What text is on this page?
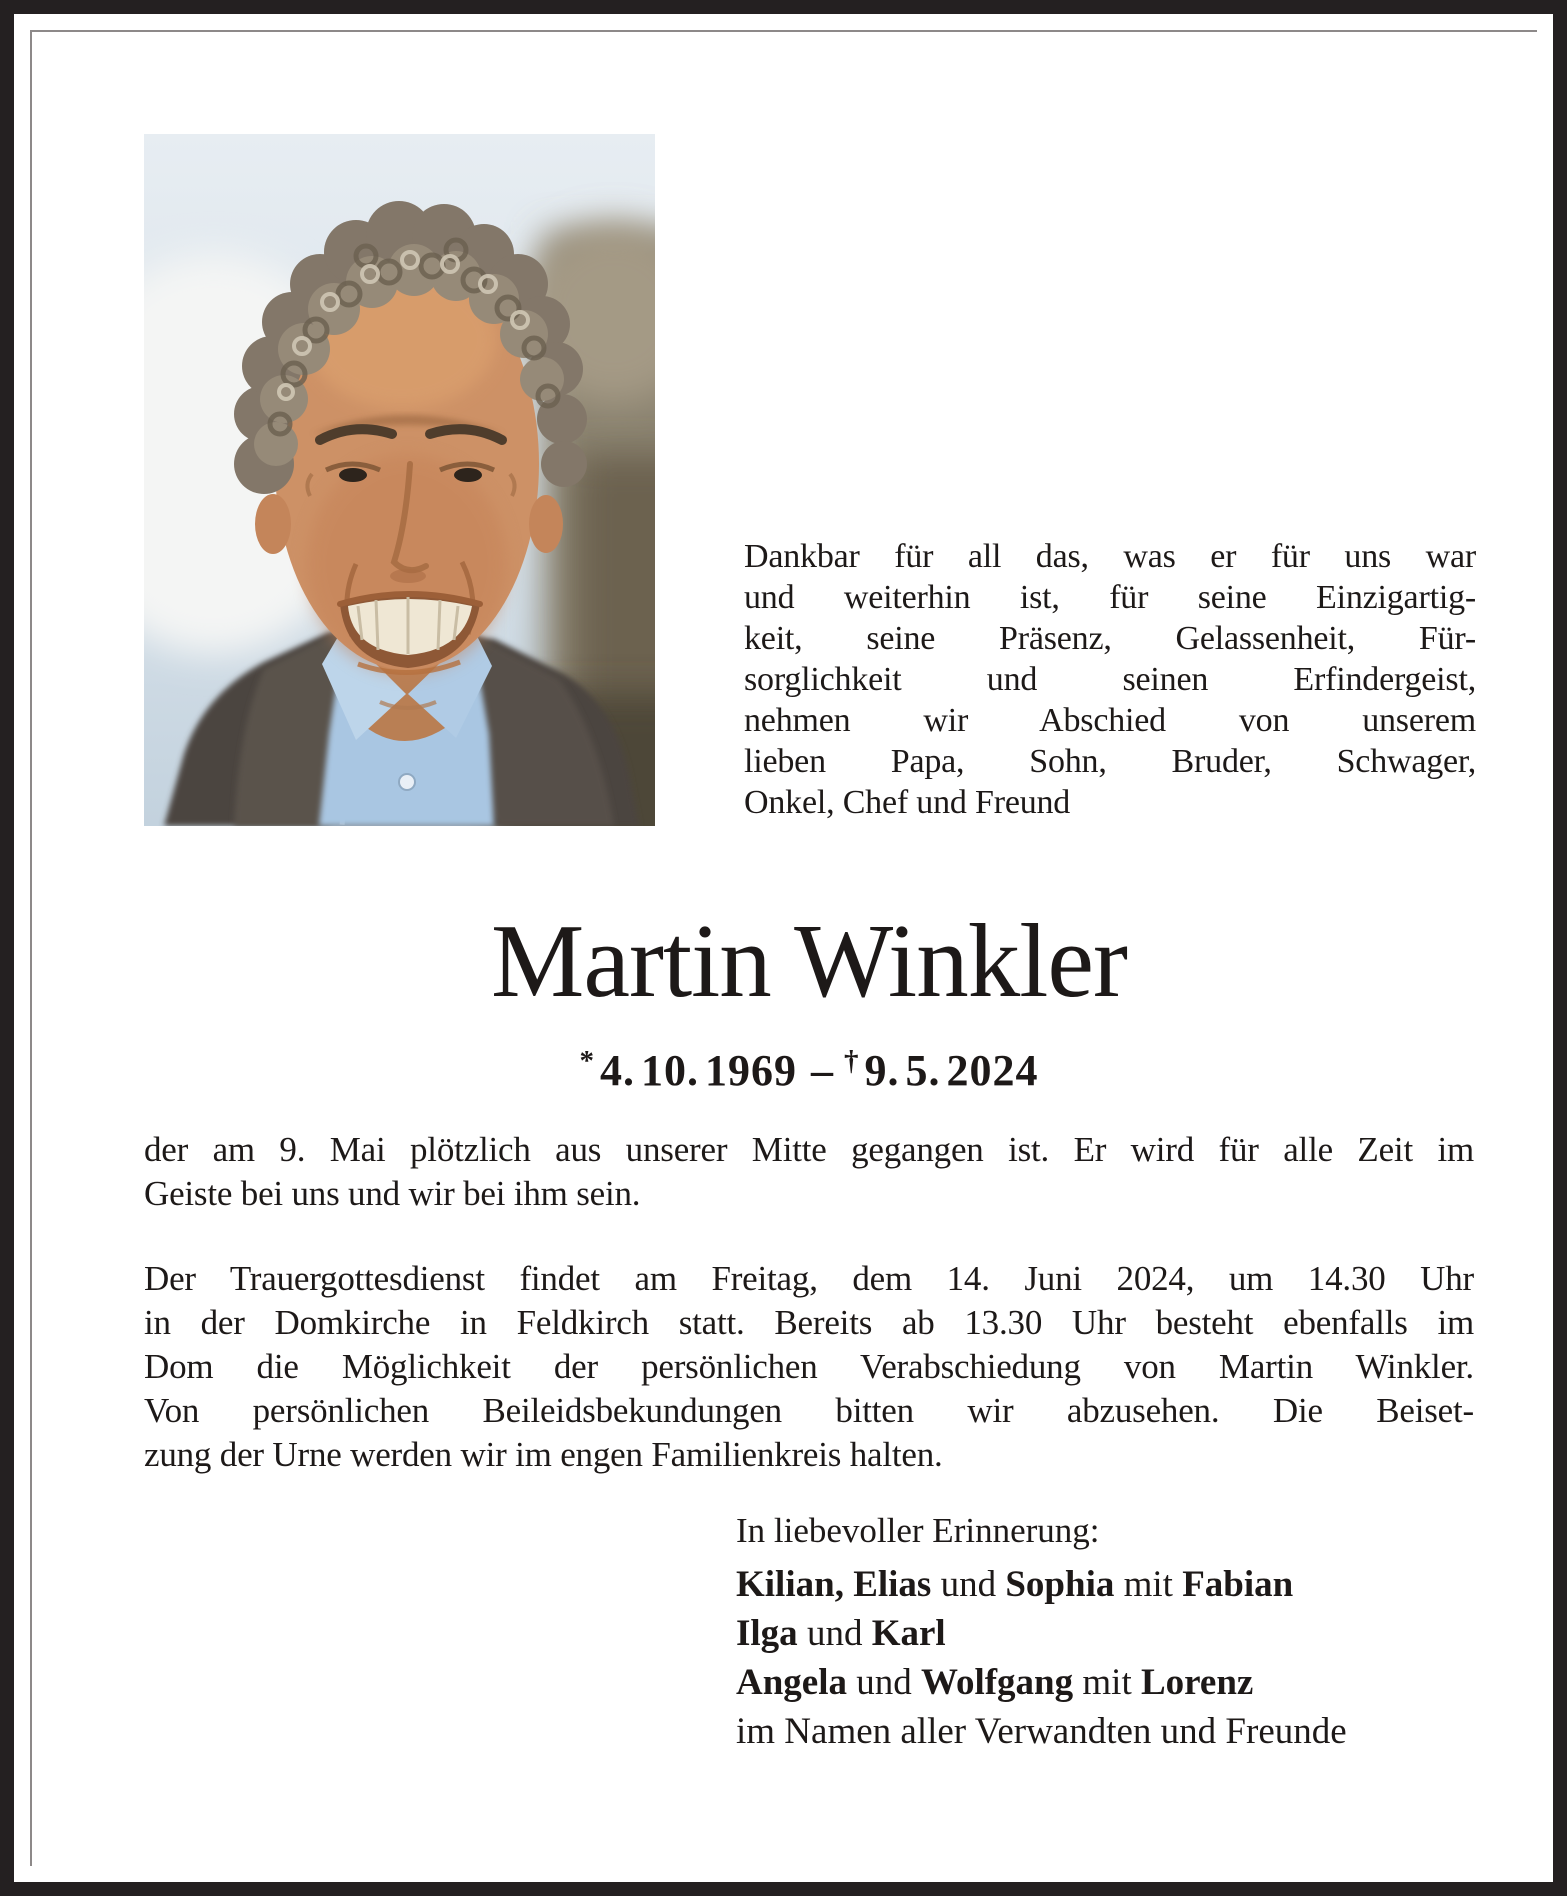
Dankbar für all das, was er für uns war
und weiterhin ist, für seine Einzigartig-
keit, seine Präsenz, Gelassenheit, Für-
sorglichkeit und seinen Erfindergeist,
nehmen wir Abschied von unserem
lieben Papa, Sohn, Bruder, Schwager,
Onkel, Chef und Freund
Martin Winkler
* 4. 10. 1969 – † 9. 5. 2024
der am 9. Mai plötzlich aus unserer Mitte gegangen ist. Er wird für alle Zeit im
Geiste bei uns und wir bei ihm sein.
Der Trauergottesdienst findet am Freitag, dem 14. Juni 2024, um 14.30 Uhr
in der Domkirche in Feldkirch statt. Bereits ab 13.30 Uhr besteht ebenfalls im
Dom die Möglichkeit der persönlichen Verabschiedung von Martin Winkler.
Von persönlichen Beileidsbekundungen bitten wir abzusehen. Die Beiset-
zung der Urne werden wir im engen Familienkreis halten.
In liebevoller Erinnerung:
Kilian, Elias und Sophia mit Fabian
Ilga und Karl
Angela und Wolfgang mit Lorenz
im Namen aller Verwandten und Freunde
